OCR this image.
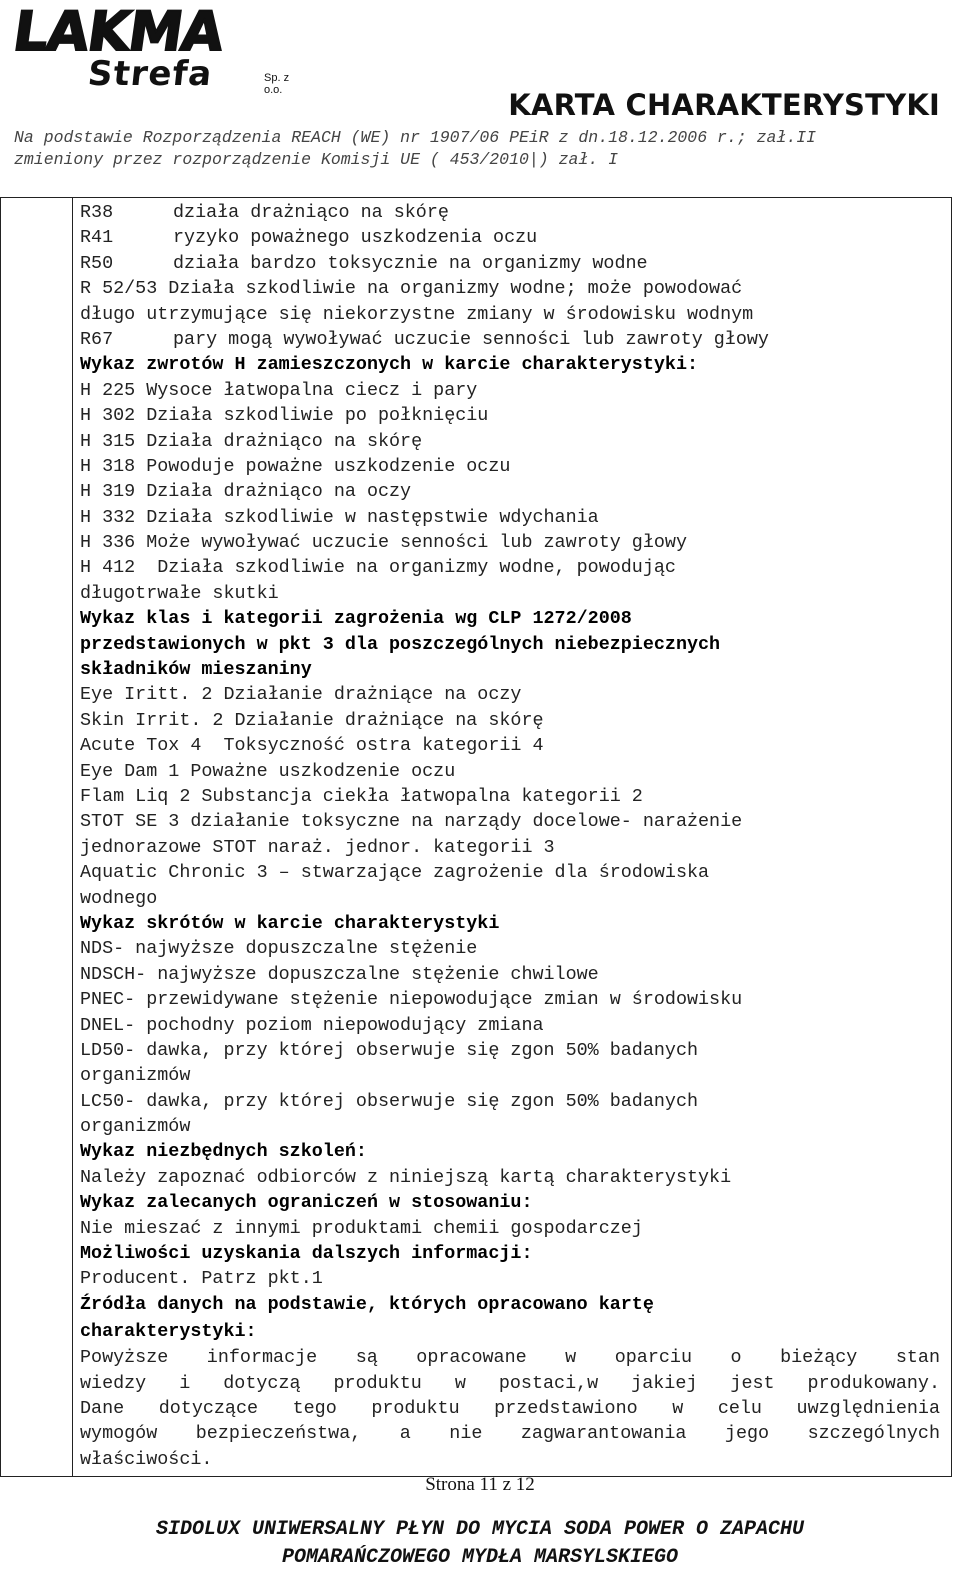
LAKMA
Strefa	Sp. z o.o.	KARTA CHARAKTERYSTYKI
Na podstawie Rozporządzenia REACH (WE) nr 1907/06 PEiR z dn.18.12.2006 r.; zał.II
zmieniony przez rozporządzenie Komisji UE ( 453/2010|) zał. I
R38	działa drażniąco na skórę
R41	ryzyko poważnego uszkodzenia oczu
R50	działa bardzo toksycznie na organizmy wodne
R 52/53 Działa szkodliwie na organizmy wodne; może powodować
długo utrzymujące się niekorzystne zmiany w środowisku wodnym
R67	pary mogą wywoływać uczucie senności lub zawroty głowy
Wykaz zwrotów H zamieszczonych w karcie charakterystyki:
H 225 Wysoce łatwopalna ciecz i pary
H 302 Działa szkodliwie po połknięciu
H 315 Działa drażniąco na skórę
H 318 Powoduje poważne uszkodzenie oczu
H 319 Działa drażniąco na oczy
H 332 Działa szkodliwie w następstwie wdychania
H 336 Może wywoływać uczucie senności lub zawroty głowy
H 412  Działa szkodliwie na organizmy wodne, powodując
długotrwałe skutki
Wykaz klas i kategorii zagrożenia wg CLP 1272/2008
przedstawionych w pkt 3 dla poszczególnych niebezpiecznych
składników mieszaniny
Eye Iritt. 2 Działanie drażniące na oczy
Skin Irrit. 2 Działanie drażniące na skórę
Acute Tox 4  Toksyczność ostra kategorii 4
Eye Dam 1 Poważne uszkodzenie oczu
Flam Liq 2 Substancja ciekła łatwopalna kategorii 2
STOT SE 3 działanie toksyczne na narządy docelowe- narażenie
jednorazowe STOT naraż. jednor. kategorii 3
Aquatic Chronic 3 – stwarzające zagrożenie dla środowiska
wodnego
Wykaz skrótów w karcie charakterystyki
NDS- najwyższe dopuszczalne stężenie
NDSCH- najwyższe dopuszczalne stężenie chwilowe
PNEC- przewidywane stężenie niepowodujące zmian w środowisku
DNEL- pochodny poziom niepowodujący zmiana
LD50- dawka, przy której obserwuje się zgon 50% badanych
organizmów
LC50- dawka, przy której obserwuje się zgon 50% badanych
organizmów
Wykaz niezbędnych szkoleń:
Należy zapoznać odbiorców z niniejszą kartą charakterystyki
Wykaz zalecanych ograniczeń w stosowaniu:
Nie mieszać z innymi produktami chemii gospodarczej
Możliwości uzyskania dalszych informacji:
Producent. Patrz pkt.1
Źródła danych na podstawie, których opracowano kartę
charakterystyki:
Powyższe informacje są opracowane w oparciu o bieżący stan
wiedzy i dotyczą produktu w postaci,w jakiej jest produkowany.
Dane dotyczące tego produktu przedstawiono w celu uwzględnienia
wymogów bezpieczeństwa, a nie zagwarantowania jego szczególnych
właściwości.
Strona 11 z 12
SIDOLUX UNIWERSALNY PŁYN DO MYCIA SODA POWER O ZAPACHU
POMARAŃCZOWEGO MYDŁA MARSYLSKIEGO
